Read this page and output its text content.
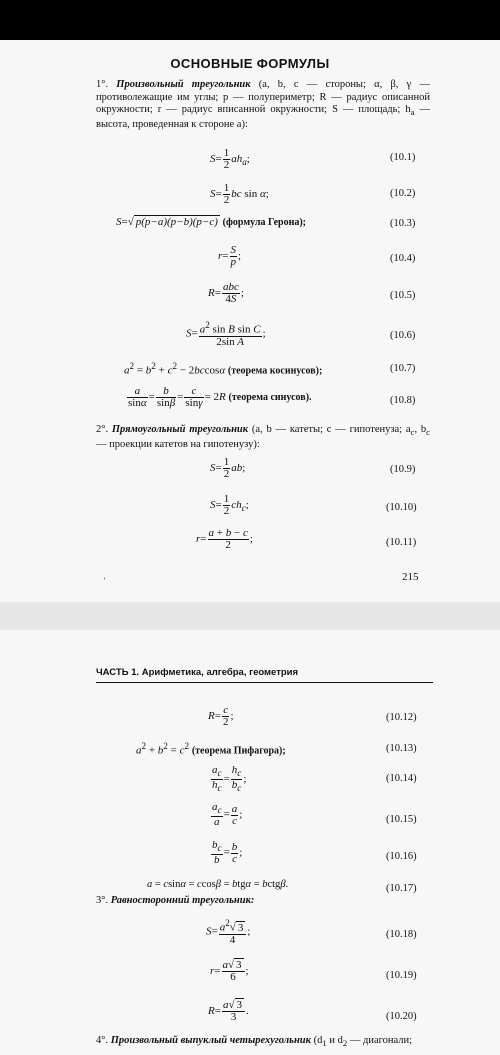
ОСНОВНЫЕ ФОРМУЛЫ
1°. Произвольный треугольник (a, b, c — стороны; α, β, γ — противолежащие им углы; p — полупериметр; R — радиус описанной окружности; r — радиус вписанной окружности; S — площадь; $h_a$ — высота, проведенная к стороне a):
$S= \frac{1}{2} ah_a$;	(10.1)
$S= \frac{1}{2}$ bc sin α;	(10.2)
S=√ p(p−a)(p−b)(p−c) (формула Герона);	(10.3)
$r= \frac{S}{p}$ ;	(10.4)
$R= \frac{\text{abc}}{4S}$ ;	(10.5)
$S= \frac{a^2 \sin B \sin C}{\text{2sin A}}$ ;	(10.6)
$a^2 = b^2 + c^2 - 2bccos\alpha$ (теорема косинусов);	(10.7)
$\frac{a}{\sin\alpha} = \frac{b}{\sin\beta} = \frac{c}{\sin\gamma} = 2R$ (теорема синусов).	(10.8)
2°. Прямоугольный треугольник (a, b — катеты; c — гипотенуза; $a_c$, $b_c$ — проекции катетов на гипотенузу):
$S= \frac{1}{2}$ ab;	(10.9)
$S= \frac{1}{2} ch_c$;	(10.10)
$r= \frac{a + b - c}{2}$ ;	(10.11)
ʼ	215
ЧАСТЬ 1. Арифметика, алгебра, геометрия
$R= \frac{c}{2}$ ;	(10.12)
$a^2 + b^2 = c^2$ (теорема Пифагора);	(10.13)
$\frac{a_c}{h_c} = \frac{h_c}{b_c}$ ;	(10.14)
$\frac{a_c}{a} = \frac{a}{c}$ ;	(10.15)
$\frac{b_c}{b} = \frac{b}{c}$ ;	(10.16)
a = csinα = ccosβ = btgα = bctgβ.	(10.17)
3°. Равносторонний треугольник:
$S= \frac{a^2√ 3}{4}$ ;	(10.18)
$r= \frac{a√ 3}{6}$ ;	(10.19)
$R= \frac{a√ 3}{3}$ .	(10.20)
4°. Произвольный выпуклый четырехугольник ($d_1$ и $d_2$ — диагонали;
